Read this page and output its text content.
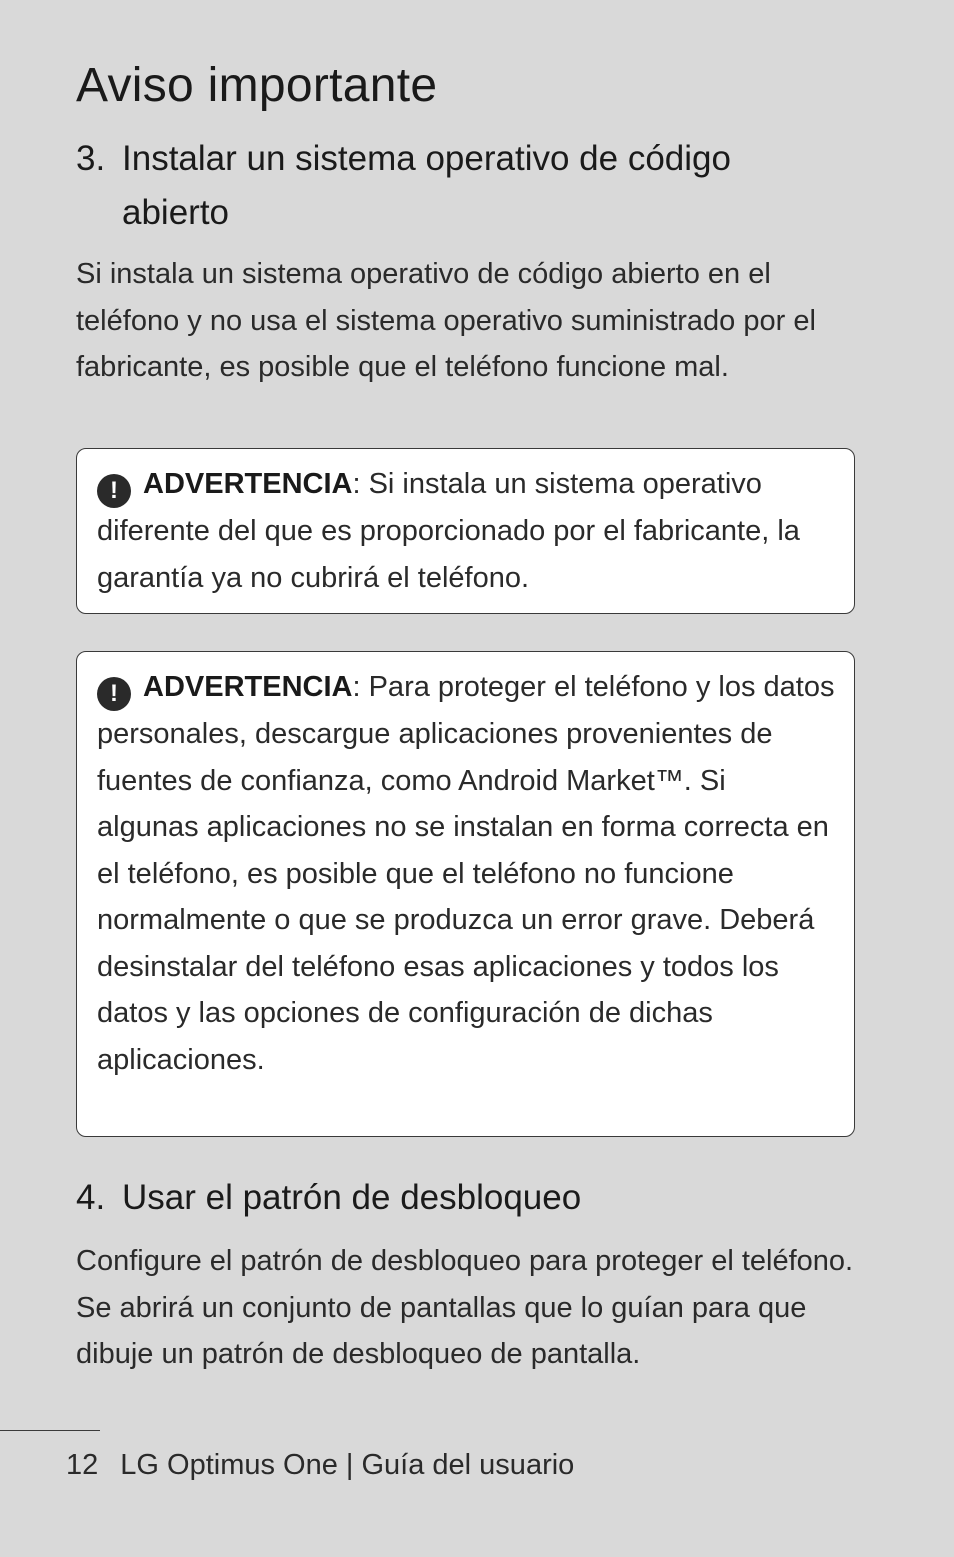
Aviso importante
3. Instalar un sistema operativo de código abierto

Si instala un sistema operativo de código abierto en el teléfono y no usa el sistema operativo suministrado por el fabricante, es posible que el teléfono funcione mal.

! ADVERTENCIA: Si instala un sistema operativo diferente del que es proporcionado por el fabricante, la garantía ya no cubrirá el teléfono.
! ADVERTENCIA: Para proteger el teléfono y los datos personales, descargue aplicaciones provenientes de fuentes de confianza, como Android Market™. Si algunas aplicaciones no se instalan en forma correcta en el teléfono, es posible que el teléfono no funcione normalmente o que se produzca un error grave. Deberá desinstalar del teléfono esas aplicaciones y todos los datos y las opciones de configuración de dichas aplicaciones.
4. Usar el patrón de desbloqueo

Configure el patrón de desbloqueo para proteger el teléfono. Se abrirá un conjunto de pantallas que lo guían para que dibuje un patrón de desbloqueo de pantalla.

12 LG Optimus One | Guía del usuario
